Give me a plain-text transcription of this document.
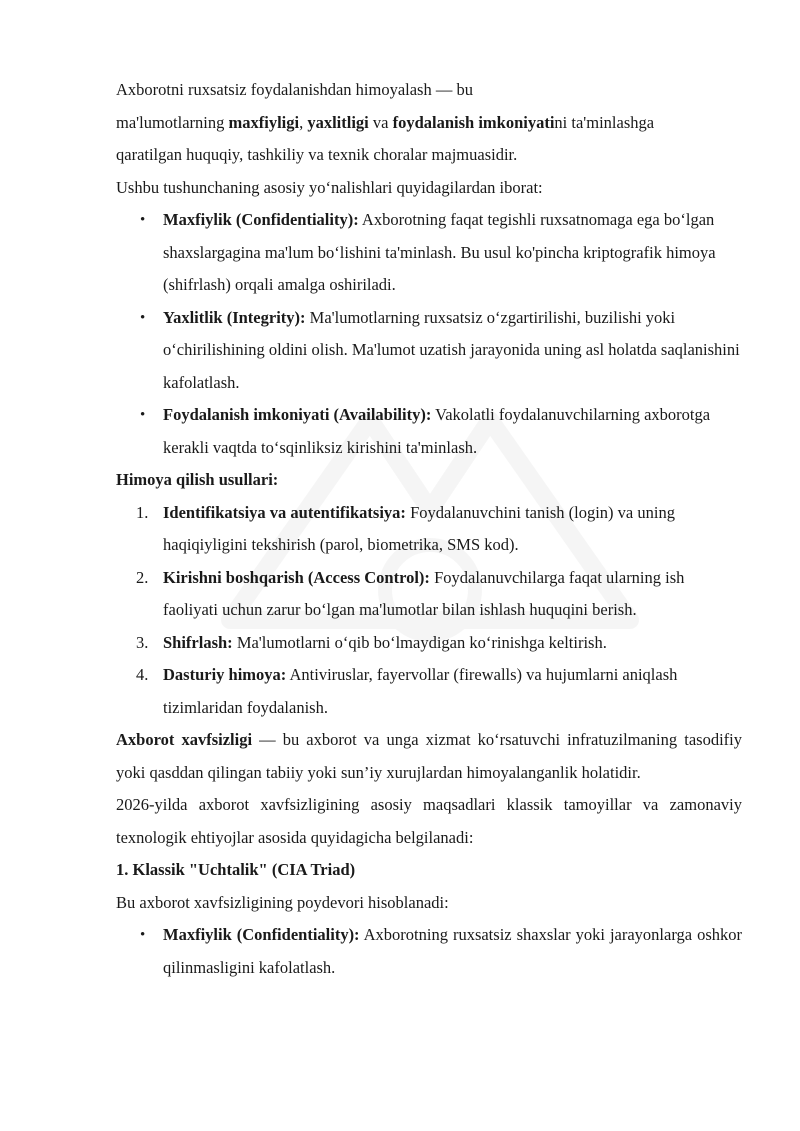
Axborotni ruxsatsiz foydalanishdan himoyalash — bu
ma'lumotlarning maxfiyligi, yaxlitligi va foydalanish imkoniyatini ta'minlashga
qaratilgan huquqiy, tashkiliy va texnik choralar majmuasidir.

Ushbu tushunchaning asosiy yo‘nalishlari quyidagilardan iborat:

• Maxfiylik (Confidentiality): Axborotning faqat tegishli ruxsatnomaga ega bo‘lgan shaxslargagina ma'lum bo‘lishini ta'minlash. Bu usul ko'pincha kriptografik himoya (shifrlash) orqali amalga oshiriladi.
• Yaxlitlik (Integrity): Ma'lumotlarning ruxsatsiz o‘zgartirilishi, buzilishi yoki o‘chirilishining oldini olish. Ma'lumot uzatish jarayonida uning asl holatda saqlanishini kafolatlash.
• Foydalanish imkoniyati (Availability): Vakolatli foydalanuvchilarning axborotga kerakli vaqtda to‘sqinliksiz kirishini ta'minlash.

Himoya qilish usullari:

1. Identifikatsiya va autentifikatsiya: Foydalanuvchini tanish (login) va uning haqiqiyligini tekshirish (parol, biometrika, SMS kod).
2. Kirishni boshqarish (Access Control): Foydalanuvchilarga faqat ularning ish faoliyati uchun zarur bo‘lgan ma'lumotlar bilan ishlash huquqini berish.
3. Shifrlash: Ma'lumotlarni o‘qib bo‘lmaydigan ko‘rinishga keltirish.
4. Dasturiy himoya: Antiviruslar, fayervollar (firewalls) va hujumlarni aniqlash tizimlaridan foydalanish.

Axborot xavfsizligi — bu axborot va unga xizmat ko‘rsatuvchi infratuzilmaning tasodifiy yoki qasddan qilingan tabiiy yoki sun’iy xurujlardan himoyalanganlik holatidir.

2026-yilda axborot xavfsizligining asosiy maqsadlari klassik tamoyillar va zamonaviy texnologik ehtiyojlar asosida quyidagicha belgilanadi:

1. Klassik "Uchtalik" (CIA Triad)

Bu axborot xavfsizligining poydevori hisoblanadi:

• Maxfiylik (Confidentiality): Axborotning ruxsatsiz shaxslar yoki jarayonlarga oshkor qilinmasligini kafolatlash.
